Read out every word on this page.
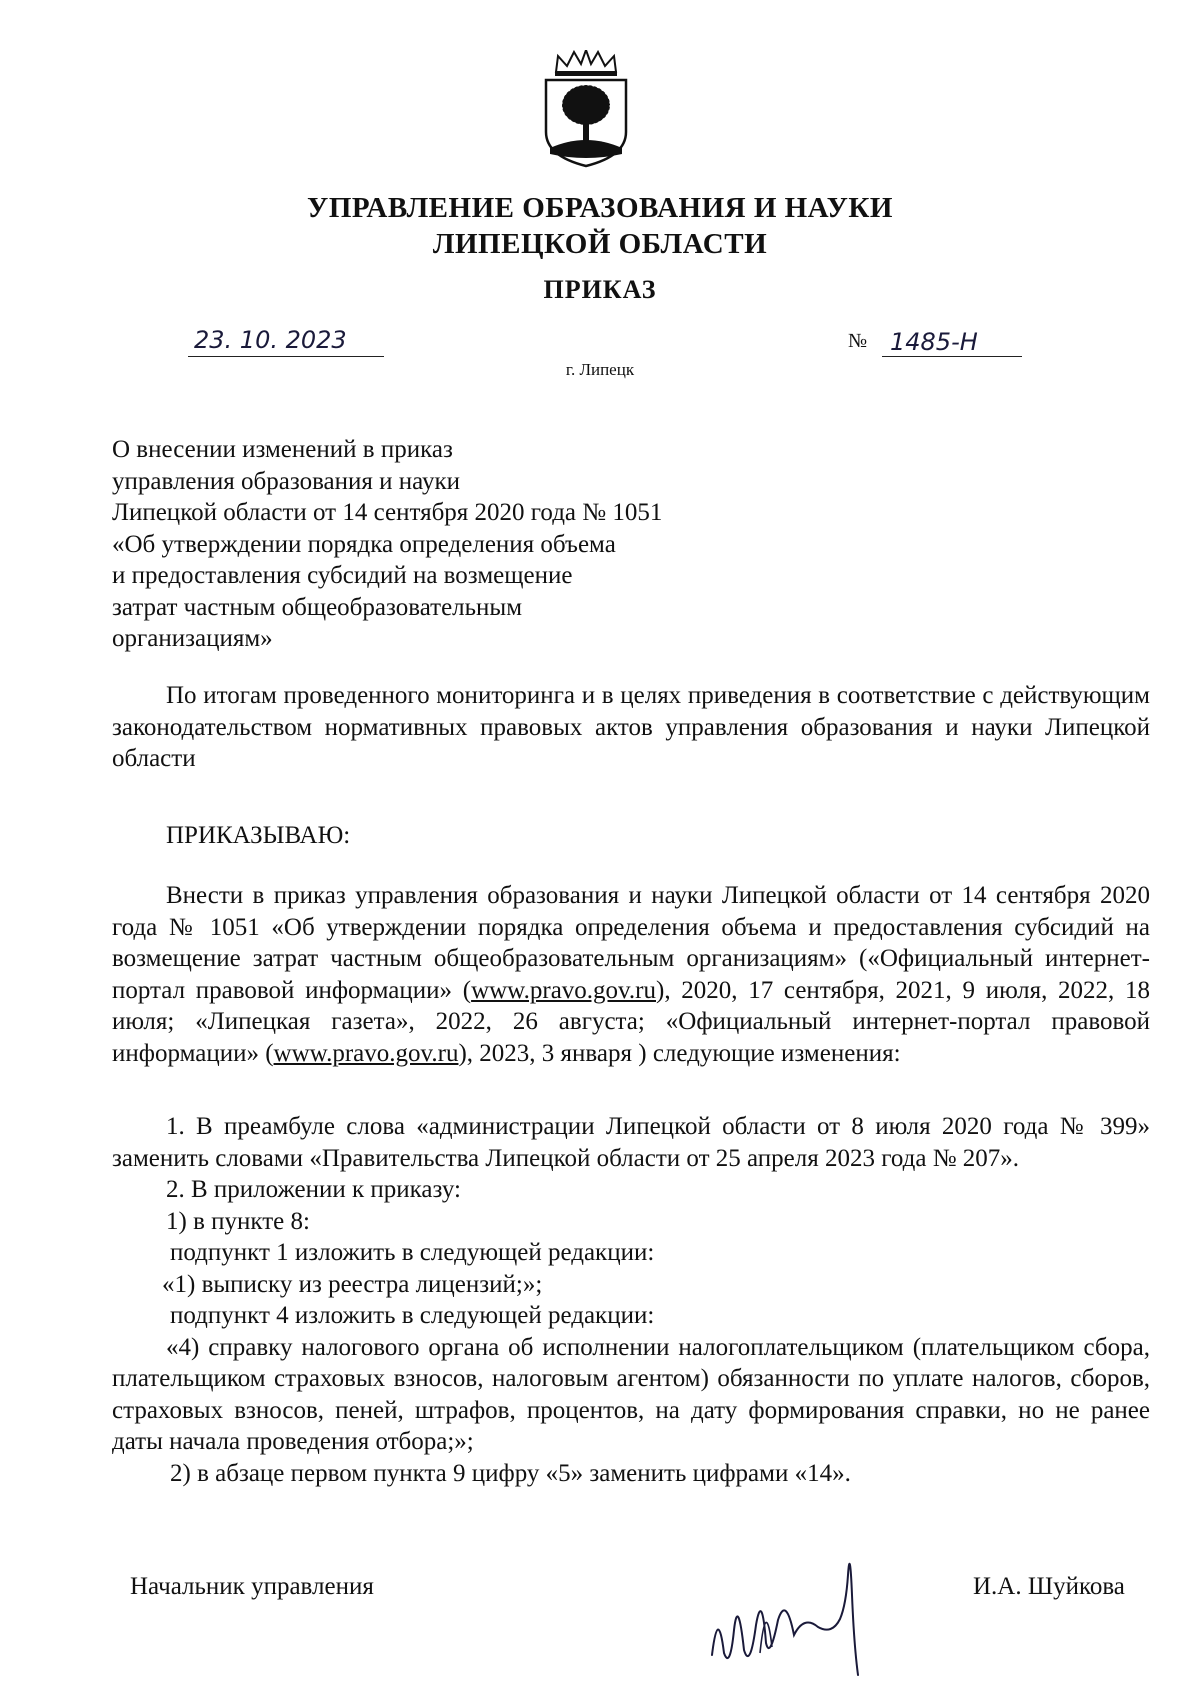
УПРАВЛЕНИЕ ОБРАЗОВАНИЯ И НАУКИ
ЛИПЕЦКОЙ ОБЛАСТИ
ПРИКАЗ
23. 10. 2023	№ 1485-Н
г. Липецк
О внесении изменений в приказ
управления образования и науки
Липецкой области от 14 сентября 2020 года № 1051
«Об утверждении порядка определения объема
и предоставления субсидий на возмещение
затрат частным общеобразовательным
организациям»
По итогам проведенного мониторинга и в целях приведения в соответствие с действующим законодательством нормативных правовых актов управления образования и науки Липецкой области
ПРИКАЗЫВАЮ:
Внести в приказ управления образования и науки Липецкой области от 14 сентября 2020 года № 1051 «Об утверждении порядка определения объема и предоставления субсидий на возмещение затрат частным общеобразовательным организациям» («Официальный интернет-портал правовой информации» (www.pravo.gov.ru), 2020, 17 сентября, 2021, 9 июля, 2022, 18 июля; «Липецкая газета», 2022, 26 августа; «Официальный интернет-портал правовой информации» (www.pravo.gov.ru), 2023, 3 января ) следующие изменения:
1. В преамбуле слова «администрации Липецкой области от 8 июля 2020 года № 399» заменить словами «Правительства Липецкой области от 25 апреля 2023 года № 207».
2. В приложении к приказу:
1) в пункте 8:
подпункт 1 изложить в следующей редакции:
«1) выписку из реестра лицензий;»;
подпункт 4 изложить в следующей редакции:
«4) справку налогового органа об исполнении налогоплательщиком (плательщиком сбора, плательщиком страховых взносов, налоговым агентом) обязанности по уплате налогов, сборов, страховых взносов, пеней, штрафов, процентов, на дату формирования справки, но не ранее даты начала проведения отбора;»;
2) в абзаце первом пункта 9 цифру «5» заменить цифрами «14».
Начальник управления	И.А. Шуйкова
